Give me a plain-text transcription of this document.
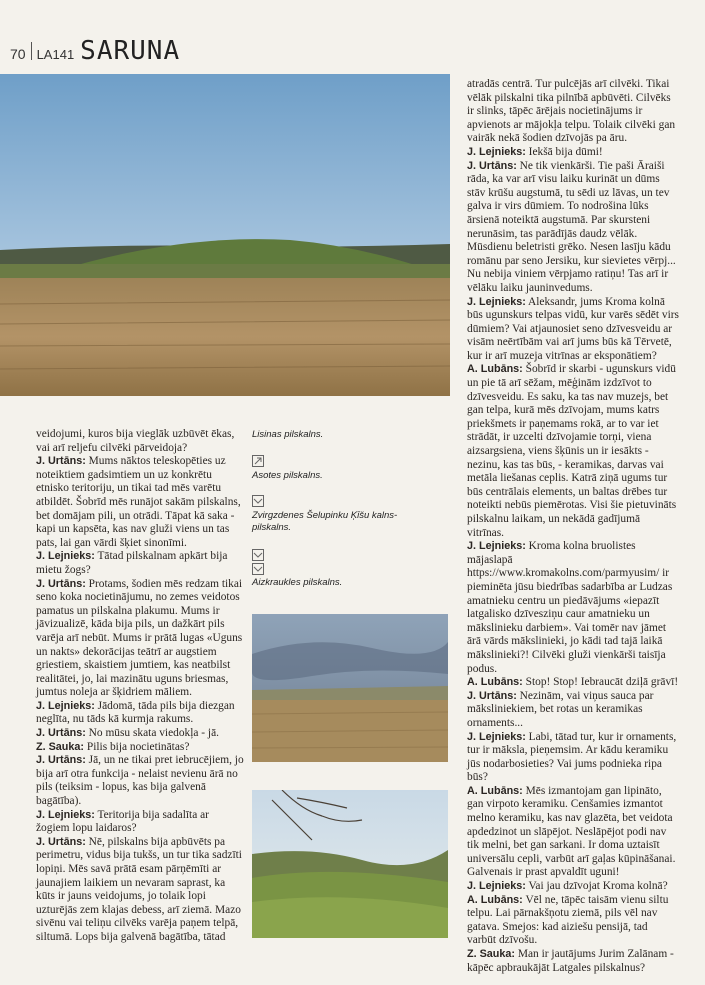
70 LA141 SARUNA
Lisinas pilskalns.
Asotes pilskalns.
Zvirgzdenes Šelupinku Ķīšu kalns-pilskalns.
Aizkraukles pilskalns.

veidojumi, kuros bija vieglāk uzbūvēt ēkas, vai arī reljefu cilvēki pārveidoja?

J. Urtāns: Mums nāktos teleskopēties uz noteiktiem gadsimtiem un uz konkrētu etnisko teritoriju, un tikai tad mēs varētu atbildēt. Šobrīd mēs runājot sakām pilskalns, bet domājam pili, un otrādi. Tāpat kā saka - kapi un kapsēta, kas nav gluži viens un tas pats, lai gan vārdi šķiet sinonīmi.

J. Lejnieks: Tātad pilskalnam apkārt bija mietu žogs?

J. Urtāns: Protams, šodien mēs redzam tikai seno koka nocietinājumu, no zemes veidotos pamatus un pilskalna plakumu. Mums ir jāvizualizē, kāda bija pils, un dažkārt pils varēja arī nebūt. Mums ir prātā lugas «Uguns un nakts» dekorācijas teātrī ar augstiem griestiem, skaistiem jumtiem, kas neatbilst realitātei, jo, lai mazinātu uguns briesmas, jumtus noleja ar šķidriem māliem.

J. Lejnieks: Jādomā, tāda pils bija diezgan neglīta, nu tāds kā kurmja rakums.

J. Urtāns: No mūsu skata viedokļa - jā.

Z. Sauka: Pilis bija nocietinātas?

J. Urtāns: Jā, un ne tikai pret iebrucējiem, jo bija arī otra funkcija - nelaist nevienu ārā no pils (teiksim - lopus, kas bija galvenā bagātība).

J. Lejnieks: Teritorija bija sadalīta ar žogiem lopu laidaros?

J. Urtāns: Nē, pilskalns bija apbūvēts pa perimetru, vidus bija tukšs, un tur tika sadzīti lopiņi. Mēs savā prātā esam pārņēmīti ar jaunajiem laikiem un nevaram saprast, ka kūts ir jauns veidojums, jo tolaik lopi uzturējās zem klajas debess, arī ziemā. Mazo sivēnu vai teliņu cilvēks varēja paņem telpā, siltumā. Lops bija galvenā bagātība, tātad

atradās centrā. Tur pulcējās arī cilvēki. Tikai vēlāk pilskalni tika pilnībā apbūvēti. Cilvēks ir slinks, tāpēc ārējais nocietinājums ir apvienots ar mājokļa telpu. Tolaik cilvēki gan vairāk nekā šodien dzīvojās pa āru.

J. Lejnieks: Iekšā bija dūmi!

J. Urtāns: Ne tik vienkārši. Tie paši Āraiši rāda, ka var arī visu laiku kurināt un dūms stāv krūšu augstumā, tu sēdi uz lāvas, un tev galva ir virs dūmiem. To nodrošina lūks ārsienā noteiktā augstumā. Par skursteni nerunāsim, tas parādījās daudz vēlāk. Mūsdienu beletristi grēko. Nesen lasīju kādu romānu par seno Jersiku, kur sievietes vērpj... Nu nebija viniem vērpjamo ratiņu! Tas arī ir vēlāku laiku jauninvedums.

J. Lejnieks: Aleksandr, jums Kroma kolnā būs ugunskurs telpas vidū, kur varēs sēdēt virs dūmiem? Vai atjaunosiet seno dzīvesveidu ar visām neērtībām vai arī jums būs kā Tērvetē, kur ir arī muzeja vitrīnas ar eksponātiem?

A. Lubāns: Šobrīd ir skarbi - ugunskurs vidū un pie tā arī sēžam, mēģinām izdzīvot to dzīvesveidu. Es saku, ka tas nav muzejs, bet gan telpa, kurā mēs dzīvojam, mums katrs priekšmets ir paņemams rokā, ar to var iet strādāt, ir uzcelti dzīvojamie torņi, viena aizsargsiena, viens šķūnis un ir iesākts - nezinu, kas tas būs, - keramikas, darvas vai metāla liešanas ceplis. Katrā ziņā ugums tur būs centrālais elements, un baltas drēbes tur noteikti nebūs piemērotas. Visi šie pietuvināts pilskalnu laikam, un nekādā gadījumā vitrīnas.

J. Lejnieks: Kroma kolna bruolistes mājaslapā https://www.kromakolns.com/parmyusim/ ir pieminēta jūsu biedrības sadarbība ar Ludzas amatnieku centru un piedāvājums «iepazīt latgalisko dzīvesziņu caur amatnieku un mākslinieku darbiem». Vai tomēr nav jāmet ārā vārds mākslinieki, jo kādi tad tajā laikā mākslinieki?! Cilvēki gluži vienkārši taisīja podus.

A. Lubāns: Stop! Stop! Iebraucāt dziļā grāvī!

J. Urtāns: Nezinām, vai viņus sauca par māksliniekiem, bet rotas un keramikas ornaments...

J. Lejnieks: Labi, tātad tur, kur ir ornaments, tur ir māksla, pieņemsim. Ar kādu keramiku jūs nodarbosieties? Vai jums podnieka ripa būs?

A. Lubāns: Mēs izmantojam gan lipināto, gan virpoto keramiku. Cenšamies izmantot melno keramiku, kas nav glazēta, bet veidota apdedzinot un slāpējot. Neslāpējot podi nav tik melni, bet gan sarkani. Ir doma uztaisīt universālu cepli, varbūt arī gaļas kūpināšanai. Galvenais ir prast apvaldīt uguni!

J. Lejnieks: Vai jau dzīvojat Kroma kolnā?

A. Lubāns: Vēl ne, tāpēc taisām vienu siltu telpu. Lai pārnakšņotu ziemā, pils vēl nav gatava. Smejos: kad aiziešu pensijā, tad varbūt dzīvošu.

Z. Sauka: Man ir jautājums Jurim Zalānam - kāpēc apbraukājāt Latgales pilskalnus?
